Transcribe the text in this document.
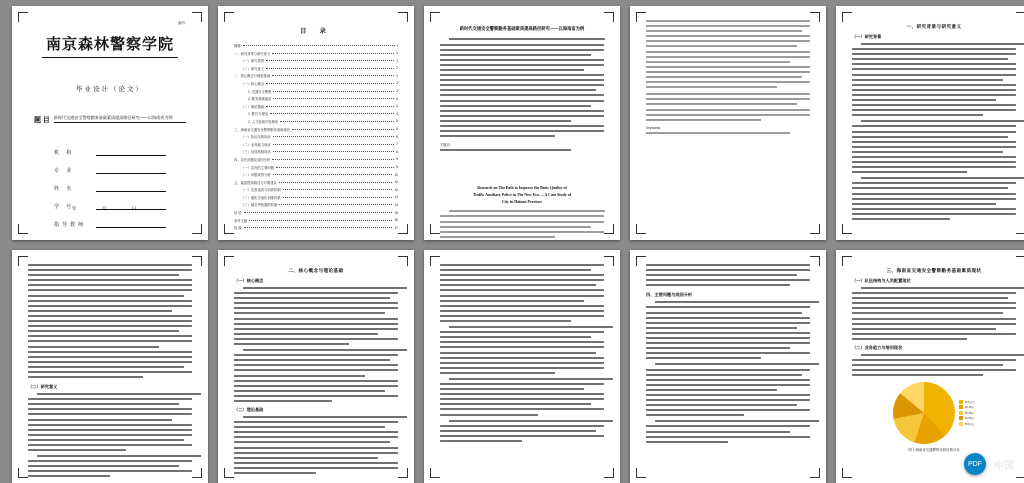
编号:
南京森林警察学院
毕业设计（论文）
题 目 新时代交通安全警察勤务基础素质提高路径研究——以海南省为例
机 构
专 业
姓 名
学 号
指导教师
年 月 日
目 录
摘要	I
一、研究背景与研究意义	1
（一）研究背景	1
（二）研究意义	2
二、核心概念与理论基础	3
（一）核心概念	3
1. 交通安全警察	3
2. 勤务基础素质	4
（二）理论基础	4
1. 胜任力理论	4
2. 人力资源开发理论	5
三、海南省交通安全警察勤务基础现状	6
（一）队伍结构现状	6
（二）业务能力现状	7
（三）培训机制现状	8
四、存在问题及成因分析	9
（一）存在的主要问题	9
（二）问题成因分析	10
五、素质提高路径与对策建议	12
（一）完善选拔与培养机制	12
（二）强化实战化训练体系	13
（三）健全考核激励机制	14
结 语	15
参考文献	16
致 谢	17
新时代交通安全警察勤务基础素质提高路径研究——以海南省为例
关键词：
Research on The Path to Improve the Basic Quality of
Traffic Auxiliary Police in The New Era — A Case Study of
City in Hainan Province
Keywords:
一、研究背景与研究意义
（一）研究背景
（二）研究意义
二、核心概念与理论基础
（一）核心概念
（二）理论基础
四、主要问题与成因分析
三、海南省交通安全警察勤务基础素质现状
（一）队伍结构与人员配置现状
（二）业务能力与培训现状
25岁以下
26-35岁
36-45岁
46-55岁
55岁以上
图 1 海南省交通警察年龄结构分布
PDF	中国
